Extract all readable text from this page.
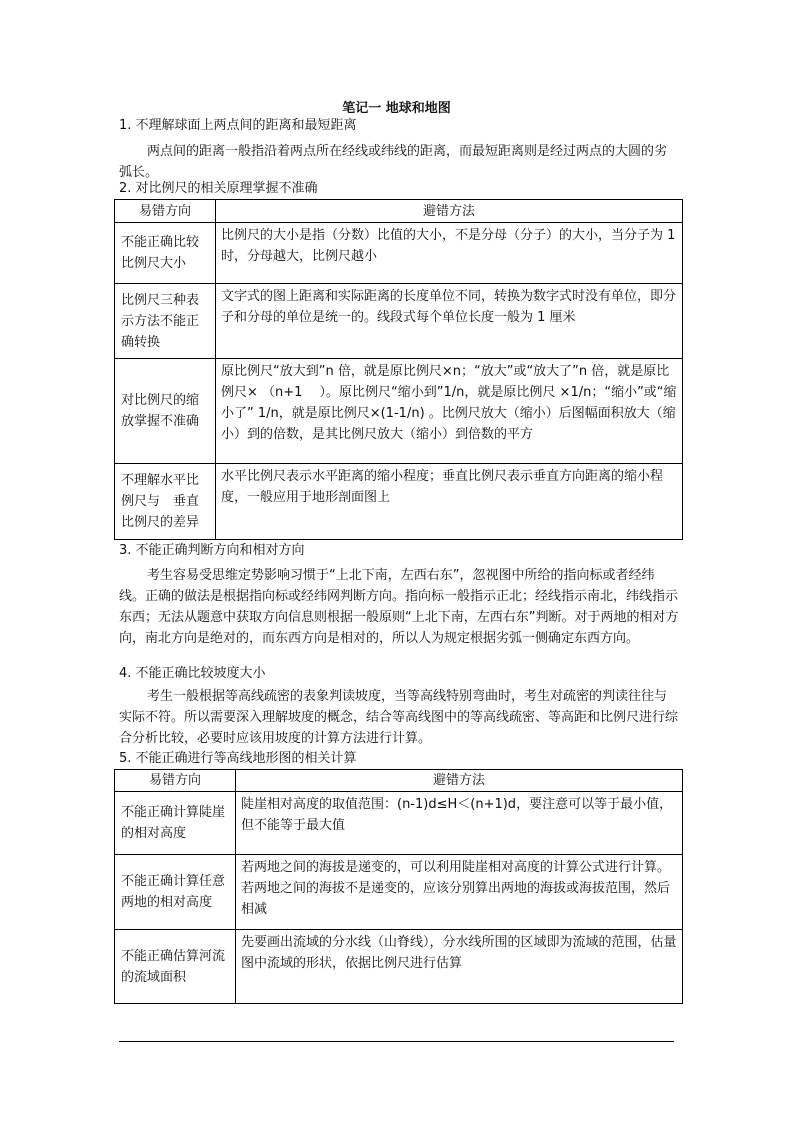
笔记一 地球和地图
1. 不理解球面上两点间的距离和最短距离

两点间的距离一般指沿着两点所在经线或纬线的距离，而最短距离则是经过两点的大圆的劣弧长。

2. 对比例尺的相关原理掌握不准确
易错方向	避错方法
不能正确比较比例尺大小	比例尺的大小是指（分数）比值的大小，不是分母（分子）的大小，当分子为 1 时，分母越大，比例尺越小
比例尺三种表示方法不能正确转换	文字式的图上距离和实际距离的长度单位不同，转换为数字式时没有单位，即分子和分母的单位是统一的。线段式每个单位长度一般为 1 厘米
对比例尺的缩放掌握不准确	原比例尺“放大到”n 倍，就是原比例尺×n；“放大”或“放大了”n 倍，就是原比例尺× （n+1　 ）。原比例尺“缩小到”1/n，就是原比例尺 ×1/n；“缩小”或“缩小了” 1/n，就是原比例尺×(1-1/n) 。比例尺放大（缩小）后图幅面积放大（缩小）到的倍数，是其比例尺放大（缩小）到倍数的平方
不理解水平比例尺与　垂直比例尺的差异	水平比例尺表示水平距离的缩小程度；垂直比例尺表示垂直方向距离的缩小程度，一般应用于地形剖面图上
3. 不能正确判断方向和相对方向

考生容易受思维定势影响习惯于“上北下南，左西右东”，忽视图中所给的指向标或者经纬线。正确的做法是根据指向标或经纬网判断方向。指向标一般指示正北；经线指示南北，纬线指示东西；无法从题意中获取方向信息则根据一般原则“上北下南，左西右东”判断。对于两地的相对方向，南北方向是绝对的，而东西方向是相对的，所以人为规定根据劣弧一侧确定东西方向。

4. 不能正确比较坡度大小

考生一般根据等高线疏密的表象判读坡度，当等高线特别弯曲时，考生对疏密的判读往往与实际不符。所以需要深入理解坡度的概念，结合等高线图中的等高线疏密、等高距和比例尺进行综合分析比较，必要时应该用坡度的计算方法进行计算。

5. 不能正确进行等高线地形图的相关计算
易错方向	避错方法
不能正确计算陡崖的相对高度	陡崖相对高度的取值范围：(n-1)d≤H＜(n+1)d，要注意可以等于最小值，但不能等于最大值
不能正确计算任意两地的相对高度	若两地之间的海拔是递变的，可以利用陡崖相对高度的计算公式进行计算。若两地之间的海拔不是递变的，应该分别算出两地的海拔或海拔范围，然后相减
不能正确估算河流的流域面积	先要画出流域的分水线（山脊线），分水线所围的区域即为流域的范围，估量图中流域的形状，依据比例尺进行估算
